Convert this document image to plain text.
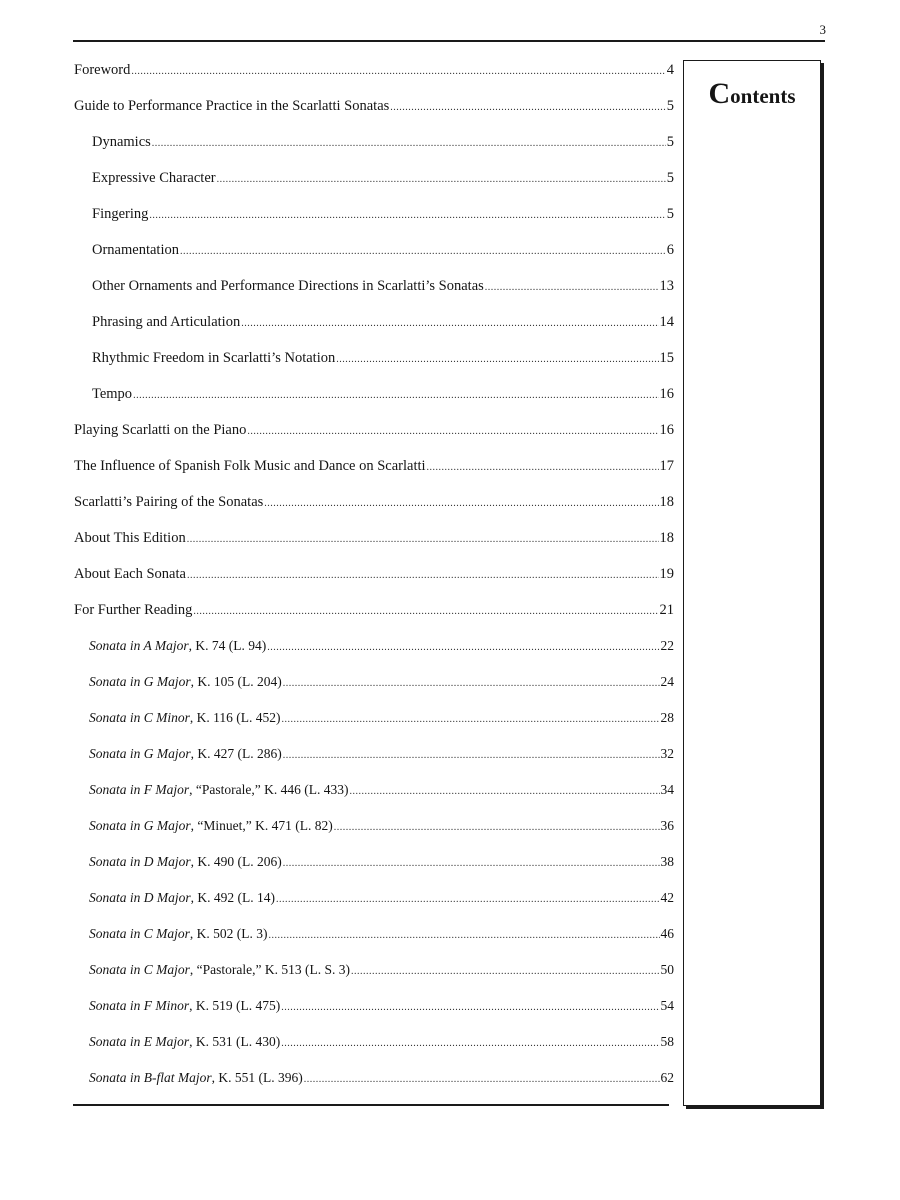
3
Contents
Foreword .....	4
Guide to Performance Practice in the Scarlatti Sonatas .....	5
Dynamics .....	5
Expressive Character .....	5
Fingering .....	5
Ornamentation .....	6
Other Ornaments and Performance Directions in Scarlatti’s Sonatas .....	13
Phrasing and Articulation .....	14
Rhythmic Freedom in Scarlatti’s Notation .....	15
Tempo .....	16
Playing Scarlatti on the Piano .....	16
The Influence of Spanish Folk Music and Dance on Scarlatti .....	17
Scarlatti’s Pairing of the Sonatas .....	18
About This Edition .....	18
About Each Sonata .....	19
For Further Reading .....	21
Sonata in A Major, K. 74 (L. 94) .....	22
Sonata in G Major, K. 105 (L. 204) .....	24
Sonata in C Minor, K. 116 (L. 452) .....	28
Sonata in G Major, K. 427 (L. 286) .....	32
Sonata in F Major, “Pastorale,” K. 446 (L. 433) .....	34
Sonata in G Major, “Minuet,” K. 471 (L. 82) .....	36
Sonata in D Major, K. 490 (L. 206) .....	38
Sonata in D Major, K. 492 (L. 14) .....	42
Sonata in C Major, K. 502 (L. 3) .....	46
Sonata in C Major, “Pastorale,” K. 513 (L. S. 3) .....	50
Sonata in F Minor, K. 519 (L. 475) .....	54
Sonata in E Major, K. 531 (L. 430) .....	58
Sonata in B-flat Major, K. 551 (L. 396) .....	62
